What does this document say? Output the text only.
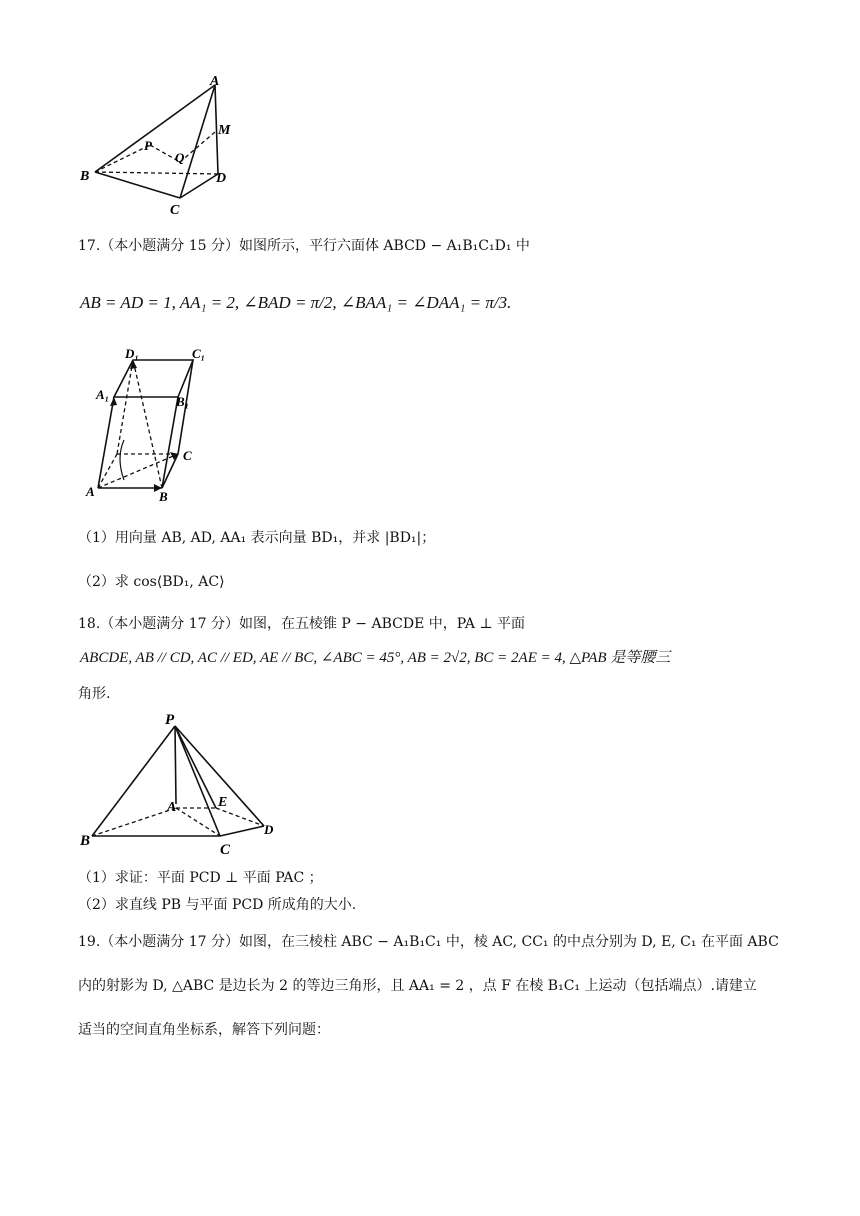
A
M
P
Q
B	D
C
17.（本小题满分 15 分）如图所示，平行六面体 ABCD − A₁B₁C₁D₁ 中
AB = AD = 1, AA₁ = 2, ∠BAD = π/2, ∠BAA₁ = ∠DAA₁ = π/3.
D₁	C₁
A₁	B₁
C
A	B
（1）用向量 AB, AD, AA₁ 表示向量 BD₁，并求 |BD₁|；
（2）求 cos⟨BD₁, AC⟩
18.（本小题满分 17 分）如图，在五棱锥 P − ABCDE 中，PA ⊥ 平面
ABCDE, AB // CD, AC // ED, AE // BC, ∠ABC = 45°, AB = 2√2, BC = 2AE = 4, △PAB 是等腰三
角形.
P
A	E
B
C
D
（1）求证：平面 PCD ⊥ 平面 PAC ；
（2）求直线 PB 与平面 PCD 所成角的大小.
19.（本小题满分 17 分）如图，在三棱柱 ABC − A₁B₁C₁ 中，棱 AC, CC₁ 的中点分别为 D, E, C₁ 在平面 ABC
内的射影为 D, △ABC 是边长为 2 的等边三角形，且 AA₁ = 2 ，点 F 在棱 B₁C₁ 上运动（包括端点）.请建立
适当的空间直角坐标系，解答下列问题：
